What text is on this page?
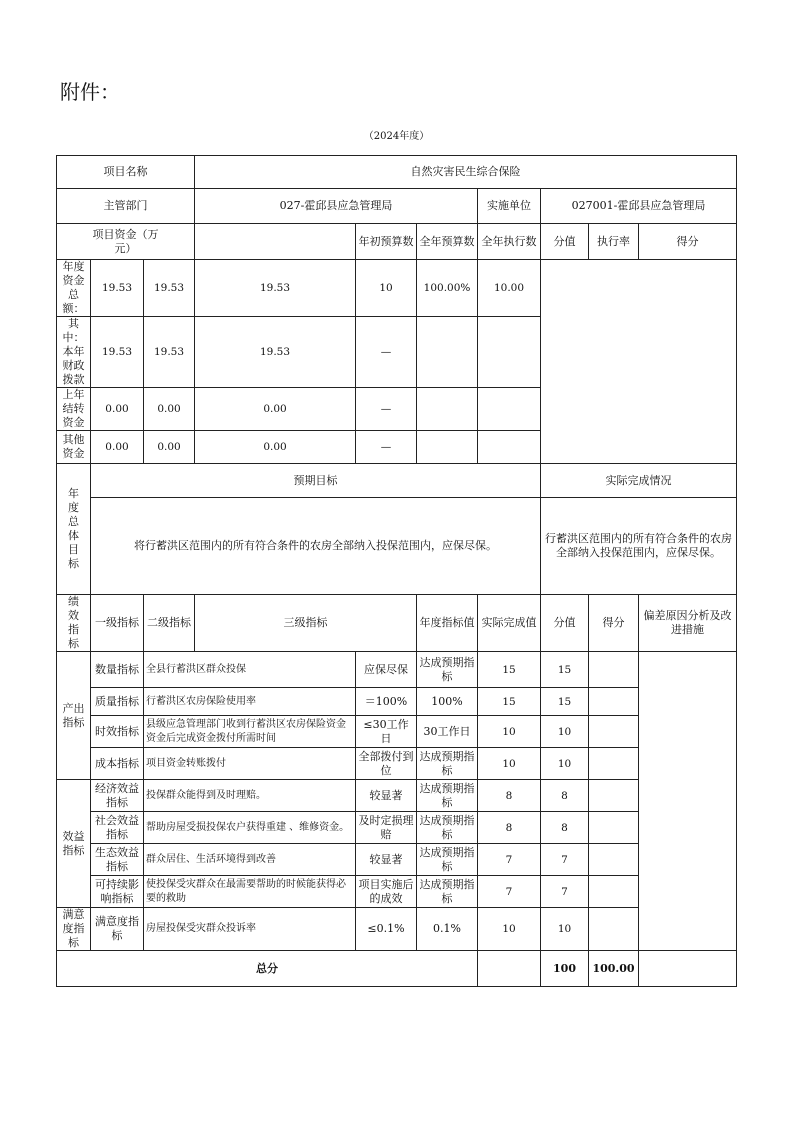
附件：
（2024年度）
项目名称			自然灾害民生综合保险						
主管部门			027-霍邱县应急管理局			实施单位	027001-霍邱县应急管理局		
项目资金（万元）				年初预算数	全年预算数	全年执行数	分值	执行率	得分
年度资金总额：	19.53	19.53	19.53	10	100.00%	10.00			
其中：本年财政拨款	19.53	19.53	19.53	—					
上年结转资金	0.00	0.00	0.00	—					
其他资金	0.00	0.00	0.00	—					
年度总体目标	预期目标						实际完成情况		
	将行蓄洪区范围内的所有符合条件的农房全部纳入投保范围内，应保尽保。						行蓄洪区范围内的所有符合条件的农房全部纳入投保范围内，应保尽保。		
绩效指标	一级指标	二级指标	三级指标		年度指标值	实际完成值	分值	得分	偏差原因分析及改进措施
产出指标	数量指标	全县行蓄洪区群众投保		应保尽保	达成预期指标	15	15		
	质量指标	行蓄洪区农房保险使用率		＝100%	100%	15	15		
	时效指标	县级应急管理部门收到行蓄洪区农房保险资金资金后完成资金拨付所需时间		≤30工作日	30工作日	10	10		
	成本指标	项目资金转账拨付		全部拨付到位	达成预期指标	10	10		
效益指标	经济效益指标	投保群众能得到及时理赔。		较显著	达成预期指标	8	8		
	社会效益指标	帮助房屋受损投保农户获得重建 、维修资金。		及时定损理赔	达成预期指标	8	8		
	生态效益指标	群众居住、生活环境得到改善		较显著	达成预期指标	7	7		
	可持续影响指标	使投保受灾群众在最需要帮助的时候能获得必要的救助		项目实施后的成效	达成预期指标	7	7		
满意度指标	满意度指标	房屋投保受灾群众投诉率		≤0.1%	0.1%	10	10		
总分							100	100.00	
